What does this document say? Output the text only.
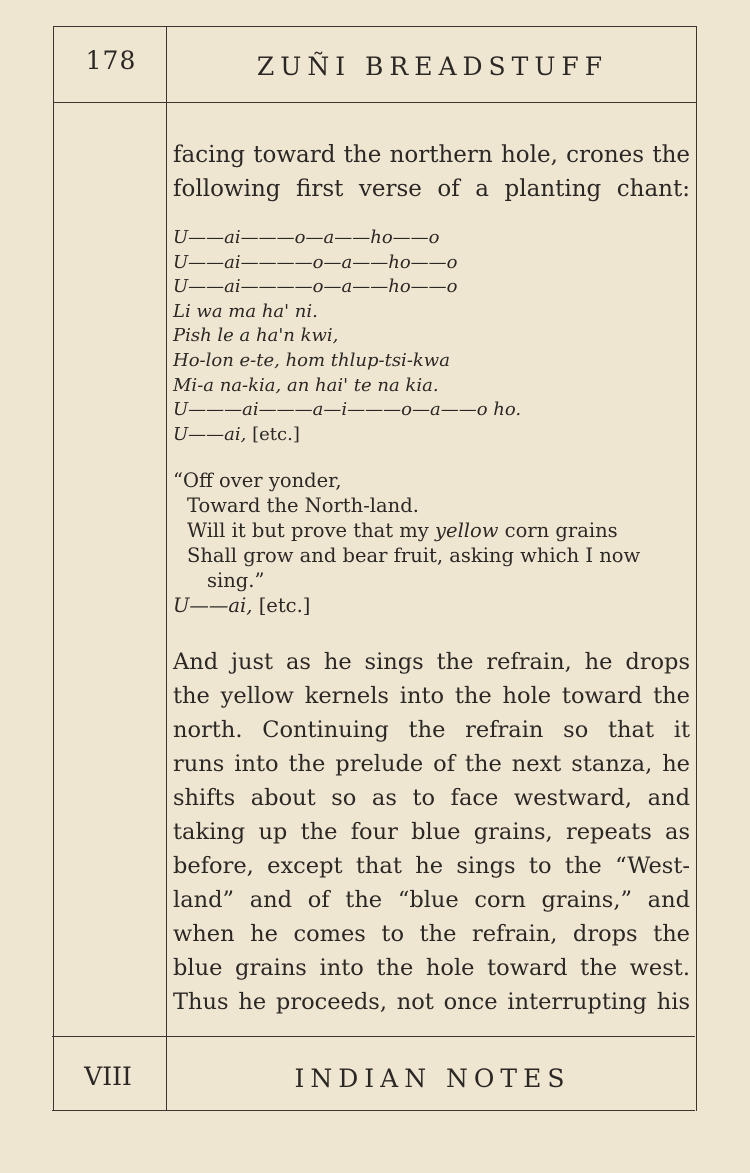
178	ZUÑI BREADSTUFF
facing toward the northern hole, crones the
following first verse of a planting chant:
U——ai———o—a——ho——o
U——ai————o—a——ho——o
U——ai————o—a——ho——o
Li wa ma ha' ni.
Pish le a ha'n kwi,
Ho-lon e-te, hom thlup-tsi-kwa
Mi-a na-kia, an hai' te na kia.
U———ai———a—i———o—a——o ho.
U——ai, [etc.]
“Off over yonder,
Toward the North-land.
Will it but prove that my yellow corn grains
Shall grow and bear fruit, asking which I now
sing.”
U——ai, [etc.]
And just as he sings the refrain, he drops
the yellow kernels into the hole toward the
north. Continuing the refrain so that it
runs into the prelude of the next stanza, he
shifts about so as to face westward, and
taking up the four blue grains, repeats as
before, except that he sings to the “West-
land” and of the “blue corn grains,” and
when he comes to the refrain, drops the
blue grains into the hole toward the west.
Thus he proceeds, not once interrupting his
VIII	INDIAN NOTES
